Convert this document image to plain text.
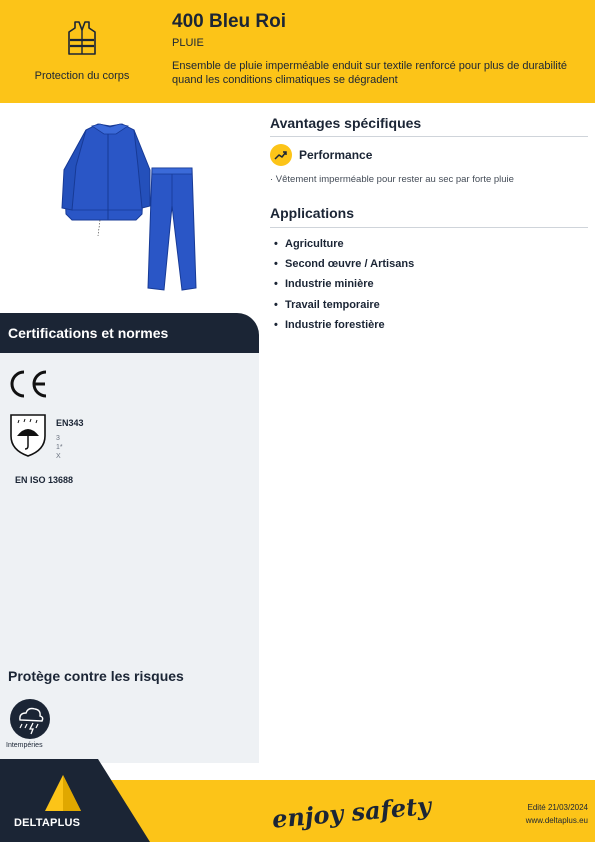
Protection du corps
400 Bleu Roi
PLUIE
Ensemble de pluie imperméable enduit sur textile renforcé pour plus de durabilité quand les conditions climatiques se dégradent
Certifications et normes
EN343
3
1*
X
EN ISO 13688
Protège contre les risques
Intempéries
Avantages spécifiques
Performance
· Vêtement imperméable pour rester au sec par forte pluie
Applications
• Agriculture
• Second œuvre / Artisans
• Industrie minière
• Travail temporaire
• Industrie forestière
DELTAPLUS	enjoy safety	Edité 21/03/2024
www.deltaplus.eu
